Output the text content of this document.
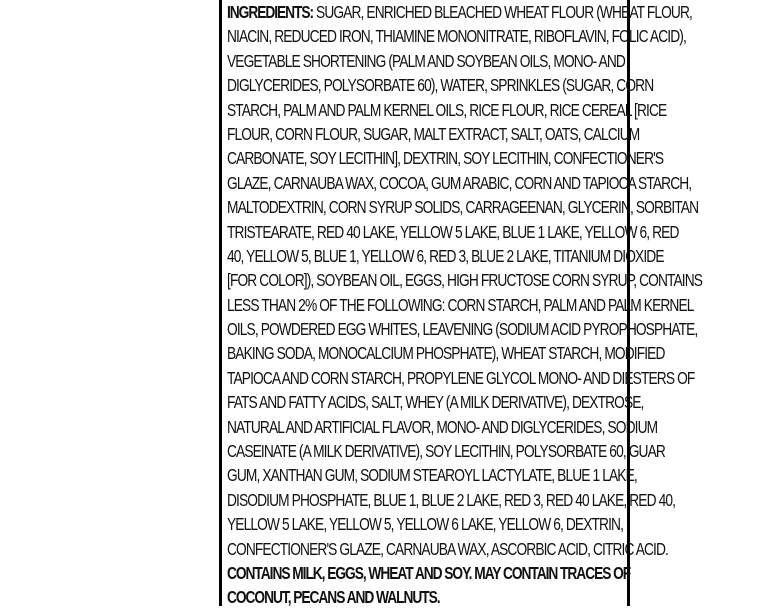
INGREDIENTS: SUGAR, ENRICHED BLEACHED WHEAT FLOUR (WHEAT FLOUR,
NIACIN, REDUCED IRON, THIAMINE MONONITRATE, RIBOFLAVIN, FOLIC ACID),
VEGETABLE SHORTENING (PALM AND SOYBEAN OILS, MONO- AND
DIGLYCERIDES, POLYSORBATE 60), WATER, SPRINKLES (SUGAR, CORN
STARCH, PALM AND PALM KERNEL OILS, RICE FLOUR, RICE CEREAL [RICE
FLOUR, CORN FLOUR, SUGAR, MALT EXTRACT, SALT, OATS, CALCIUM
CARBONATE, SOY LECITHIN], DEXTRIN, SOY LECITHIN, CONFECTIONER'S
GLAZE, CARNAUBA WAX, COCOA, GUM ARABIC, CORN AND TAPIOCA STARCH,
MALTODEXTRIN, CORN SYRUP SOLIDS, CARRAGEENAN, GLYCERIN, SORBITAN
TRISTEARATE, RED 40 LAKE, YELLOW 5 LAKE, BLUE 1 LAKE, YELLOW 6, RED
40, YELLOW 5, BLUE 1, YELLOW 6, RED 3, BLUE 2 LAKE, TITANIUM DIOXIDE
[FOR COLOR]), SOYBEAN OIL, EGGS, HIGH FRUCTOSE CORN SYRUP, CONTAINS
LESS THAN 2% OF THE FOLLOWING: CORN STARCH, PALM AND PALM KERNEL
OILS, POWDERED EGG WHITES, LEAVENING (SODIUM ACID PYROPHOSPHATE,
BAKING SODA, MONOCALCIUM PHOSPHATE), WHEAT STARCH, MODIFIED
TAPIOCA AND CORN STARCH, PROPYLENE GLYCOL MONO- AND DIESTERS OF
FATS AND FATTY ACIDS, SALT, WHEY (A MILK DERIVATIVE), DEXTROSE,
NATURAL AND ARTIFICIAL FLAVOR, MONO- AND DIGLYCERIDES, SODIUM
CASEINATE (A MILK DERIVATIVE), SOY LECITHIN, POLYSORBATE 60, GUAR
GUM, XANTHAN GUM, SODIUM STEAROYL LACTYLATE, BLUE 1 LAKE,
DISODIUM PHOSPHATE, BLUE 1, BLUE 2 LAKE, RED 3, RED 40 LAKE, RED 40,
YELLOW 5 LAKE, YELLOW 5, YELLOW 6 LAKE, YELLOW 6, DEXTRIN,
CONFECTIONER'S GLAZE, CARNAUBA WAX, ASCORBIC ACID, CITRIC ACID.
CONTAINS MILK, EGGS, WHEAT AND SOY. MAY CONTAIN TRACES OF
COCONUT, PECANS AND WALNUTS.
